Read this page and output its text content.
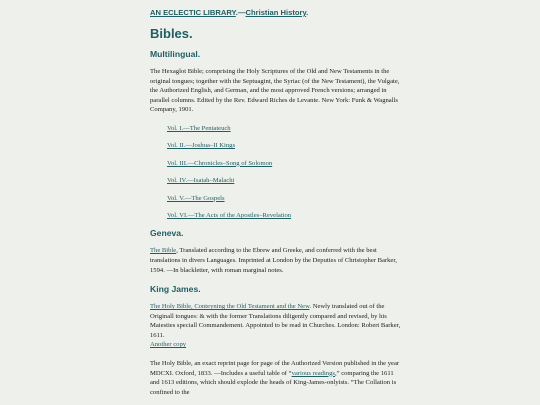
AN ECLECTIC LIBRARY.—Christian History.
Bibles.
Multilingual.

The Hexaglot Bible; comprising the Holy Scriptures of the Old and New Testaments in the original tongues; together with the Septuagint, the Syriac (of the New Testament), the Vulgate, the Authorized English, and German, and the most approved French versions; arranged in parallel columns. Edited by the Rev. Edward Riches de Levante. New York: Funk & Wagnalls Company, 1901.

Vol. I.—The Pentateuch
Vol. II.—Joshua–II Kings
Vol. III.—Chronicles–Song of Solomon
Vol. IV.—Isaiah–Malachi
Vol. V.—The Gospels
Vol. VI.—The Acts of the Apostles–Revelation
Geneva.

The Bible, Translated according to the Ebrew and Greeke, and conferred with the best translations in divers Languages. Imprinted at London by the Deputies of Christopher Barker, 1594. —In blackletter, with roman marginal notes.

King James.

The Holy Bible, Conteyning the Old Testament and the New. Newly translated out of the Originall tongues: & with the former Translations diligently compared and revised, by his Maiesties speciall Commandement. Appointed to be read in Churches. London: Robert Barker, 1611.
Another copy

The Holy Bible, an exact reprint page for page of the Authorized Version published in the year MDCXI. Oxford, 1833. —Includes a useful table of “various readings,” comparing the 1611 and 1613 editions, which should explode the heads of King-James-onlyists. “The Collation is confined to the
